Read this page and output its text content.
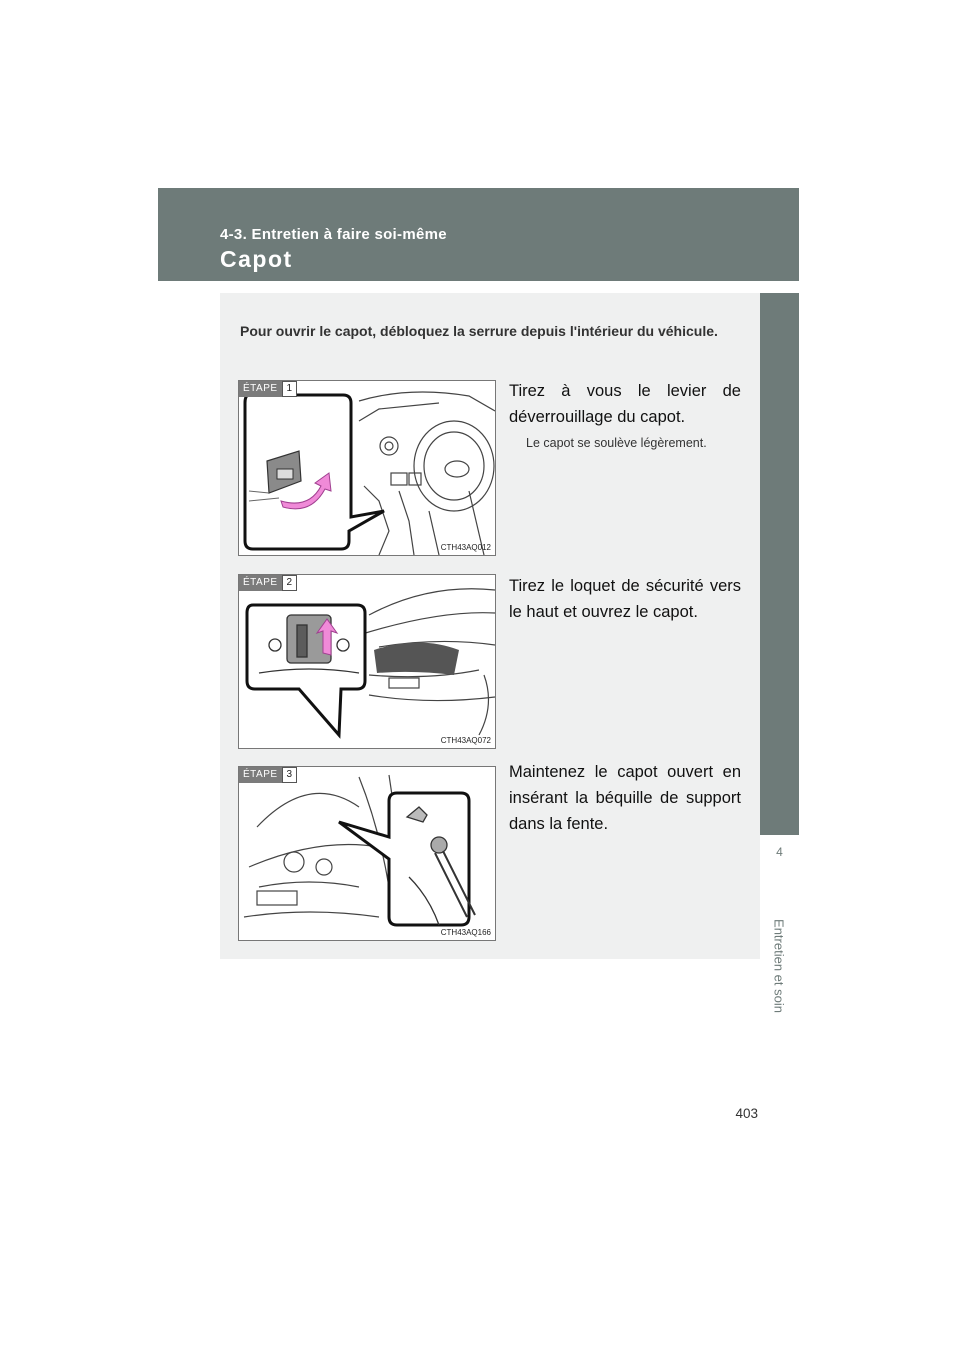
4-3. Entretien à faire soi-même
Capot
4
Entretien et soin
Pour ouvrir le capot, débloquez la serrure depuis l'intérieur du véhicule.
ÉTAPE 1
CTH43AQ012
Tirez à vous le levier de déverrouillage du capot.
Le capot se soulève légèrement.
ÉTAPE 2
CTH43AQ072
Tirez le loquet de sécurité vers le haut et ouvrez le capot.
ÉTAPE 3
CTH43AQ166
Maintenez le capot ouvert en insérant la béquille de support dans la fente.
403
